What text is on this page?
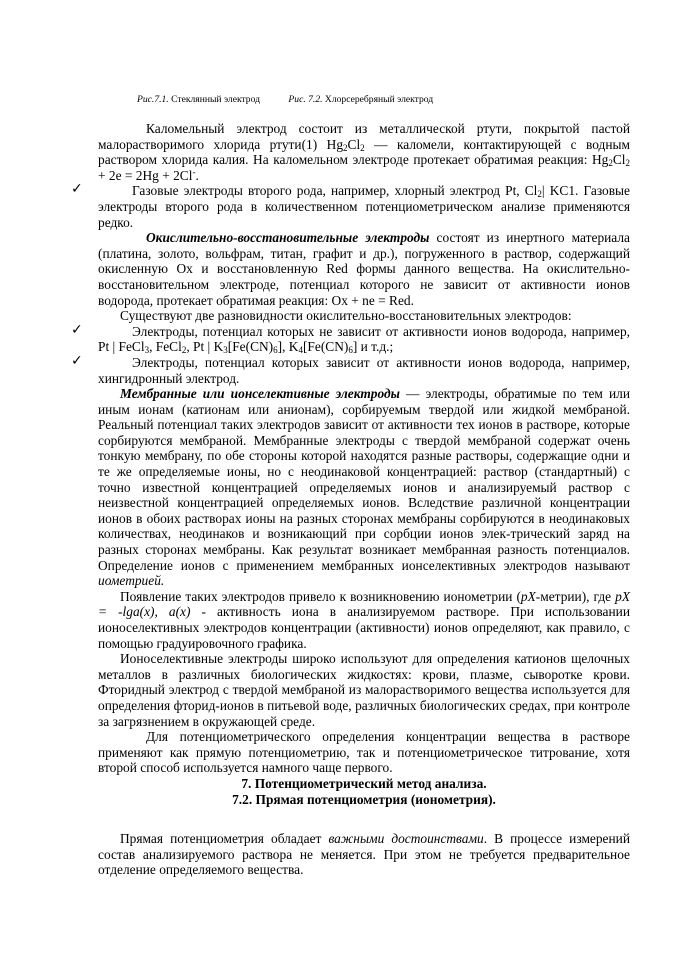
Рис.7.1. Стеклянный электрод	Рис. 7.2. Хлорсеребряный электрод

Каломельный электрод состоит из металлической ртути, покрытой пастой малорастворимого хлорида ртути(1) $Hg_2Cl_2$ — каломели, контактирующей с водным раствором хлорида калия. На каломельном электроде протекает обратимая реакция: $Hg_2Cl_2 + 2e = 2Hg + 2Cl^-$.

✓	Газовые электроды второго рода, например, хлорный электрод Pt, $Cl_2|$ KC1. Газовые электроды второго рода в количественном потенциометрическом анализе применяются редко.

Окислительно-восстановительные электроды состоят из инертного материала (платина, золото, вольфрам, титан, графит и др.), погруженного в раствор, содержащий окисленную Ox и восстановленную Red формы данного вещества. На окислительно-восстановительном электроде, потенциал которого не зависит от активности ионов водорода, протекает обратимая реакция: Ox + ne = Red.

Существуют две разновидности окислительно-восстановительных электродов:

✓	Электроды, потенциал которых не зависит от активности ионов водорода, например, Pt | FeCl$_3$, FeCl$_2$, Pt | $K_3[Fe(CN)_6]$, $K_4[Fe(CN)_6]$ и т.д.;

✓	Электроды, потенциал которых зависит от активности ионов водорода, например, хингидронный электрод.

Мембранные или ионселективные электроды — электроды, обратимые по тем или иным ионам (катионам или анионам), сорбируемым твердой или жидкой мембраной. Реальный потенциал таких электродов зависит от активности тех ионов в растворе, которые сорбируются мембраной. Мембранные электроды с твердой мембраной содержат очень тонкую мембрану, по обе стороны которой находятся разные растворы, содержащие одни и те же определяемые ионы, но с неодинаковой концентрацией: раствор (стандартный) с точно известной концентрацией определяемых ионов и анализируемый раствор с неизвестной концентрацией определяемых ионов. Вследствие различной концентрации ионов в обоих растворах ионы на разных сторонах мембраны сорбируются в неодинаковых количествах, неодинаков и возникающий при сорбции ионов элек-трический заряд на разных сторонах мембраны. Как результат возникает мембранная разность потенциалов. Определение ионов с применением мембранных ионселективных электродов называют иометрией.

Появление таких электродов привело к возникновению ионометрии (pX-метрии), где pX = -lga(x), a(x) - активность иона в анализируемом растворе. При использовании ионоселективных электродов концентрации (активности) ионов определяют, как правило, с помощью градуировочного графика.

Ионоселективные электроды широко используют для определения катионов щелочных металлов в различных биологических жидкостях: крови, плазме, сыворотке крови. Фторидный электрод с твердой мембраной из малорастворимого вещества используется для определения фторид-ионов в питьевой воде, различных биологических средах, при контроле за загрязнением в окружающей среде.

Для потенциометрического определения концентрации вещества в растворе применяют как прямую потенциометрию, так и потенциометрическое титрование, хотя второй способ используется намного чаще первого.

7. Потенциометрический метод анализа.

7.2. Прямая потенциометрия (ионометрия).

Прямая потенциометрия обладает важными достоинствами. В процессе измерений состав анализируемого раствора не меняется. При этом не требуется предварительное отделение определяемого вещества.
